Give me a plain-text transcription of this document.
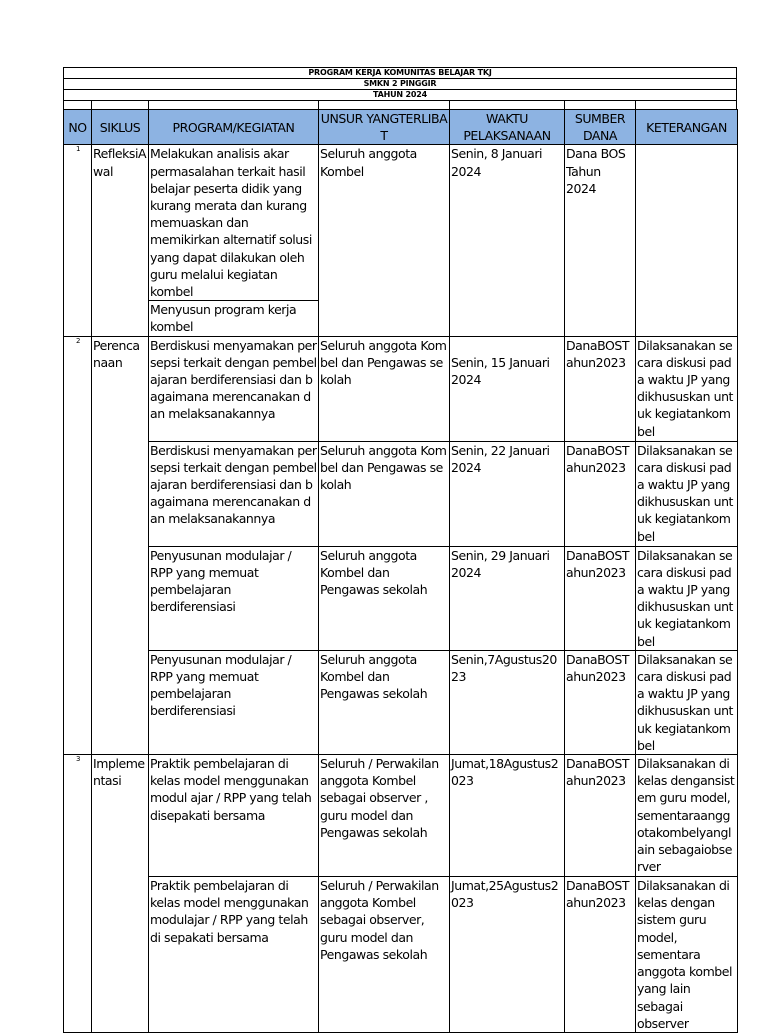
PROGRAM KERJA KOMUNITAS BELAJAR TKJ
SMKN 2 PINGGIR
TAHUN 2024
NO	SIKLUS	PROGRAM/KEGIATAN	UNSUR YANGTERLIBAT	WAKTU PELAKSANAAN	SUMBER DANA	KETERANGAN
1	RefleksiAwal	Melakukan analisis akar permasalahan terkait hasil belajar peserta didik yang kurang merata dan kurang memuaskan dan memikirkan alternatif solusi yang dapat dilakukan oleh guru melalui kegiatan kombel	Seluruh anggota Kombel	Senin, 8 Januari 2024	Dana BOS Tahun 2024	
		Menyusun program kerja kombel				
2	Perencanaan	Berdiskusi menyamakan persepsi terkait dengan pembelajaran berdiferensiasi dan bagaimana merencanakan dan melaksanakannya	Seluruh anggota Kombel dan Pengawas sekolah	Senin, 15 Januari 2024	DanaBOSTahun2023	Dilaksanakan secara diskusi pada waktu JP yang dikhususkan untuk kegiatankombel
		Berdiskusi menyamakan persepsi terkait dengan pembelajaran berdiferensiasi dan bagaimana merencanakan dan melaksanakannya	Seluruh anggota Kombel dan Pengawas sekolah	Senin, 22 Januari 2024	DanaBOSTahun2023	Dilaksanakan secara diskusi pada waktu JP yang dikhususkan untuk kegiatankombel
		Penyusunan modulajar / RPP yang memuat pembelajaran berdiferensiasi	Seluruh anggota Kombel dan Pengawas sekolah	Senin, 29 Januari 2024	DanaBOSTahun2023	Dilaksanakan secara diskusi pada waktu JP yang dikhususkan untuk kegiatankombel
		Penyusunan modulajar / RPP yang memuat pembelajaran berdiferensiasi	Seluruh anggota Kombel dan Pengawas sekolah	Senin,7Agustus2023	DanaBOSTahun2023	Dilaksanakan secara diskusi pada waktu JP yang dikhususkan untuk kegiatankombel
3	Implementasi	Praktik pembelajaran di kelas model menggunakan modul ajar / RPP yang telah disepakati bersama	Seluruh / Perwakilan anggota Kombel sebagai observer , guru model dan Pengawas sekolah	Jumat,18Agustus2023	DanaBOSTahun2023	Dilaksanakan di kelas dengansistem guru model, sementaraanggotakombelyanglain sebagaiobserver
		Praktik pembelajaran di kelas model menggunakan modulajar / RPP yang telah di sepakati bersama	Seluruh / Perwakilan anggota Kombel sebagai observer, guru model dan Pengawas sekolah	Jumat,25Agustus2023	DanaBOSTahun2023	Dilaksanakan di kelas dengan sistem guru model, sementara anggota kombel yang lain sebagai observer
